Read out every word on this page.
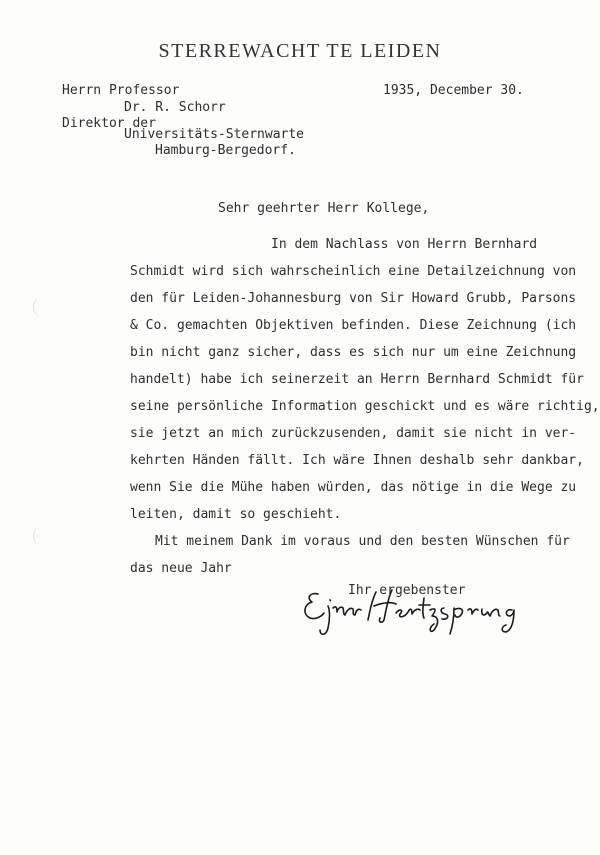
STERREWACHT TE LEIDEN
Herrn Professor	1935, December 30.
Dr. R. Schorr
Direktor der
Universitäts-Sternwarte
Hamburg-Bergedorf.
Sehr geehrter Herr Kollege,
In dem Nachlass von Herrn Bernhard
Schmidt wird sich wahrscheinlich eine Detailzeichnung von
den für Leiden-Johannesburg von Sir Howard Grubb, Parsons
& Co. gemachten Objektiven befinden. Diese Zeichnung (ich
bin nicht ganz sicher, dass es sich nur um eine Zeichnung
handelt) habe ich seinerzeit an Herrn Bernhard Schmidt für
seine persönliche Information geschickt und es wäre richtig,
sie jetzt an mich zurückzusenden, damit sie nicht in ver-
kehrten Händen fällt. Ich wäre Ihnen deshalb sehr dankbar,
wenn Sie die Mühe haben würden, das nötige in die Wege zu
leiten, damit so geschieht.
Mit meinem Dank im voraus und den besten Wünschen für
das neue Jahr
Ihr ergebenster
